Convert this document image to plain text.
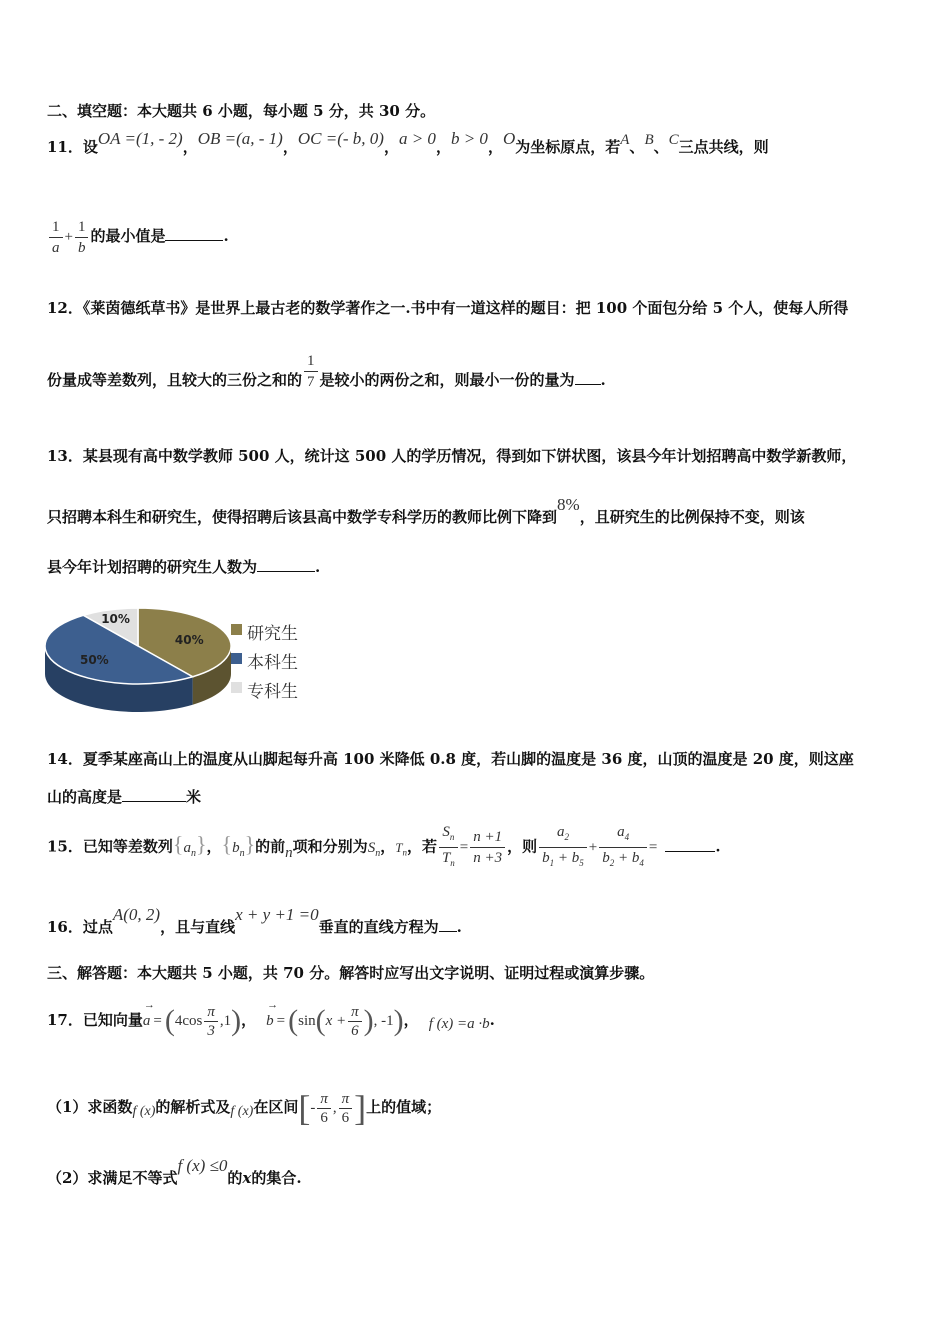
二、填空题：本大题共 6 小题，每小题 5 分，共 30 分。
11．设OA =(1, - 2)，OB =(a, - 1)，OC =(- b, 0)，a > 0，b > 0，O为坐标原点，若A、B、C三点共线，则
$\frac{1}{a} + \frac{1}{b}$ 的最小值是	.
12．《莱茵德纸草书》是世界上最古老的数学著作之一.书中有一道这样的题目：把 100 个面包分给 5 个人，使每人所得
份量成等差数列，且较大的三份之和的 $\frac{1}{7}$ 是较小的两份之和，则最小一份的量为 .
13．某县现有高中数学教师 500 人，统计这 500 人的学历情况，得到如下饼状图，该县今年计划招聘高中数学新教师，
只招聘本科生和研究生，使得招聘后该县高中数学专科学历的教师比例下降到8%，且研究生的比例保持不变，则该
县今年计划招聘的研究生人数为	.
40%
50%
10%
研究生
本科生
专科生
14．夏季某座高山上的温度从山脚起每升高 100 米降低 0.8 度，若山脚的温度是 36 度，山顶的温度是 20 度，则这座
山的高度是	米
15．已知等差数列$\{a_n\}$，$\{b_n\}$的前n项和分别为$S_n$，$T_n$，若 $\frac{S_n}{T_n} = \frac{n +1}{n +3}$ ，则 $\frac{a_2}{b_1 + b_5} + \frac{a_4}{b_2 + b_4}$ =	.
16．过点A(0, 2)，且与直线x + y +1 =0垂直的直线方程为 .
三、解答题：本大题共 5 小题，共 70 分。解答时应写出文字说明、证明过程或演算步骤。
17．已知向量
→
$a = (4\cos \frac{\pi}{3} ,1)$，
→
$b = (\sin(x + \frac{\pi}{6}$ ), -1)， f (x) =a ·b.
（1）求函数f (x)的解析式及f (x)在区间[- $\frac{\pi}{6}$ , $\frac{\pi}{6}$ ]上的值域；
（2）求满足不等式f (x) ≤0的x的集合.
